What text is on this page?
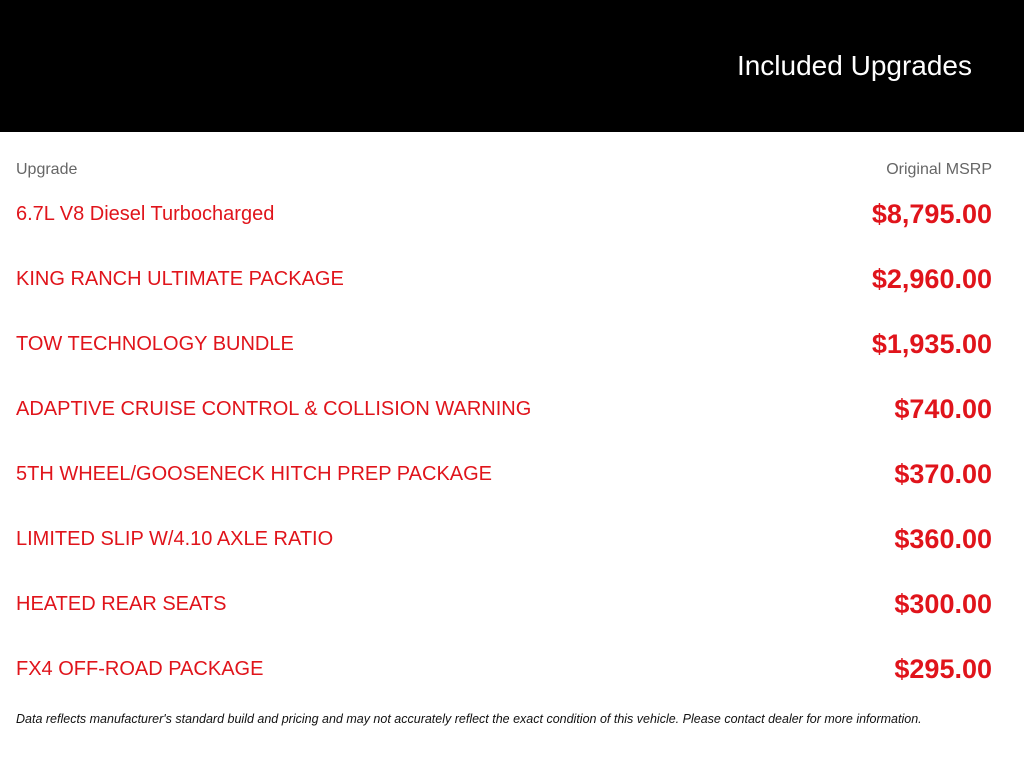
Included Upgrades
Upgrade	Original MSRP
6.7L V8 Diesel Turbocharged	$8,795.00
KING RANCH ULTIMATE PACKAGE	$2,960.00
TOW TECHNOLOGY BUNDLE	$1,935.00
ADAPTIVE CRUISE CONTROL & COLLISION WARNING	$740.00
5TH WHEEL/GOOSENECK HITCH PREP PACKAGE	$370.00
LIMITED SLIP W/4.10 AXLE RATIO	$360.00
HEATED REAR SEATS	$300.00
FX4 OFF-ROAD PACKAGE	$295.00
Data reflects manufacturer's standard build and pricing and may not accurately reflect the exact condition of this vehicle. Please contact dealer for more information.
